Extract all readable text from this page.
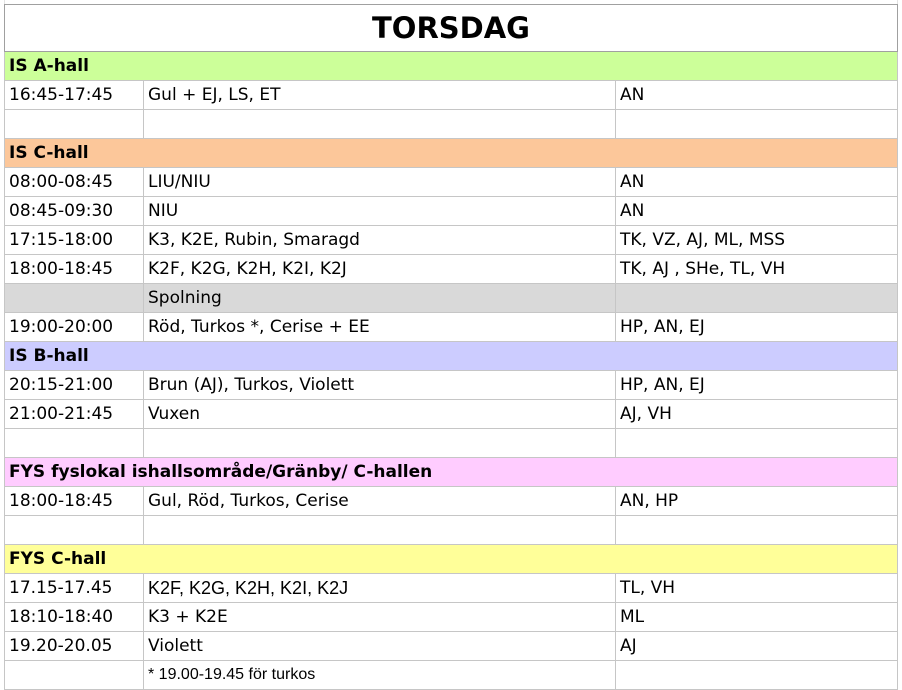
TORSDAG		
IS A-hall		
16:45-17:45	Gul + EJ, LS, ET	AN

IS C-hall		
08:00-08:45	LIU/NIU	AN
08:45-09:30	NIU	AN
17:15-18:00	K3, K2E, Rubin, Smaragd	TK, VZ, AJ, ML, MSS
18:00-18:45	K2F, K2G, K2H, K2I, K2J	TK, AJ , SHe, TL, VH
	Spolning	
19:00-20:00	Röd, Turkos *, Cerise + EE	HP, AN, EJ
IS B-hall		
20:15-21:00	Brun (AJ), Turkos, Violett	HP, AN, EJ
21:00-21:45	Vuxen	AJ, VH

FYS fyslokal ishallsområde/Gränby/ C-hallen		
18:00-18:45	Gul, Röd, Turkos, Cerise	AN, HP

FYS C-hall		
17.15-17.45	K2F, K2G, K2H, K2I, K2J	TL, VH
18:10-18:40	K3 + K2E	ML
19.20-20.05	Violett	AJ
	* 19.00-19.45 för turkos	
